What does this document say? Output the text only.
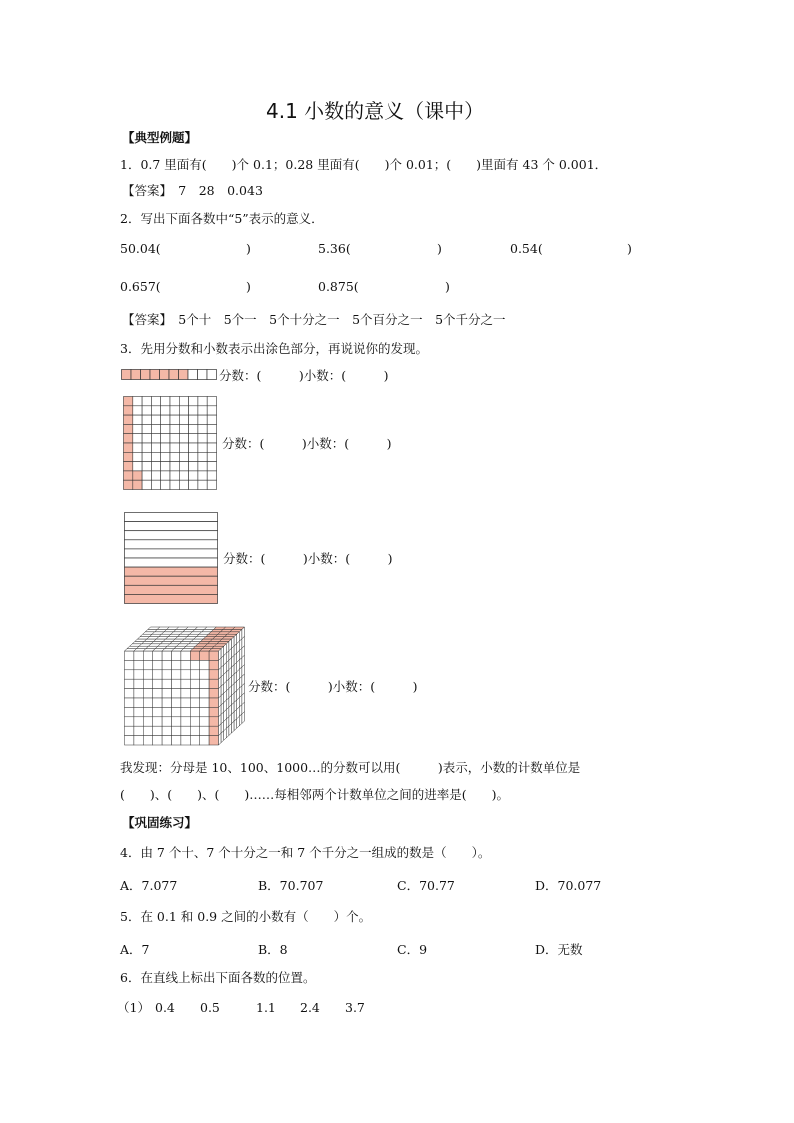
4.1 小数的意义（课中）
【典型例题】
1．0.7 里面有(　　)个 0.1；0.28 里面有(　　)个 0.01；(　　)里面有 43 个 0.001．
【答案】　7　28　0.043
2．写出下面各数中“5”表示的意义．
50.04(	)	5.36(	)	0.54(	)
0.657(	)	0.875(	)
【答案】　5个十　5个一　5个十分之一　5个百分之一　5个千分之一
3．先用分数和小数表示出涂色部分，再说说你的发现。
分数：(　　　)小数：(　　　)
分数：(　　　)小数：(　　　)
分数：(　　　)小数：(　　　)
分数：(　　　)小数：(　　　)
我发现：分母是 10、100、1000…的分数可以用(　　　)表示，小数的计数单位是
(　　)、(　　)、(　　)……每相邻两个计数单位之间的进率是(　　)。
【巩固练习】
4．由 7 个十、7 个十分之一和 7 个千分之一组成的数是（　　）。
A．7.077	B．70.707	C．70.77	D．70.077
5．在 0.1 和 0.9 之间的小数有（　　）个。
A．7	B．8	C．9	D．无数
6．在直线上标出下面各数的位置。
（1） 0.4 0.5	1.1 2.4 3.7
